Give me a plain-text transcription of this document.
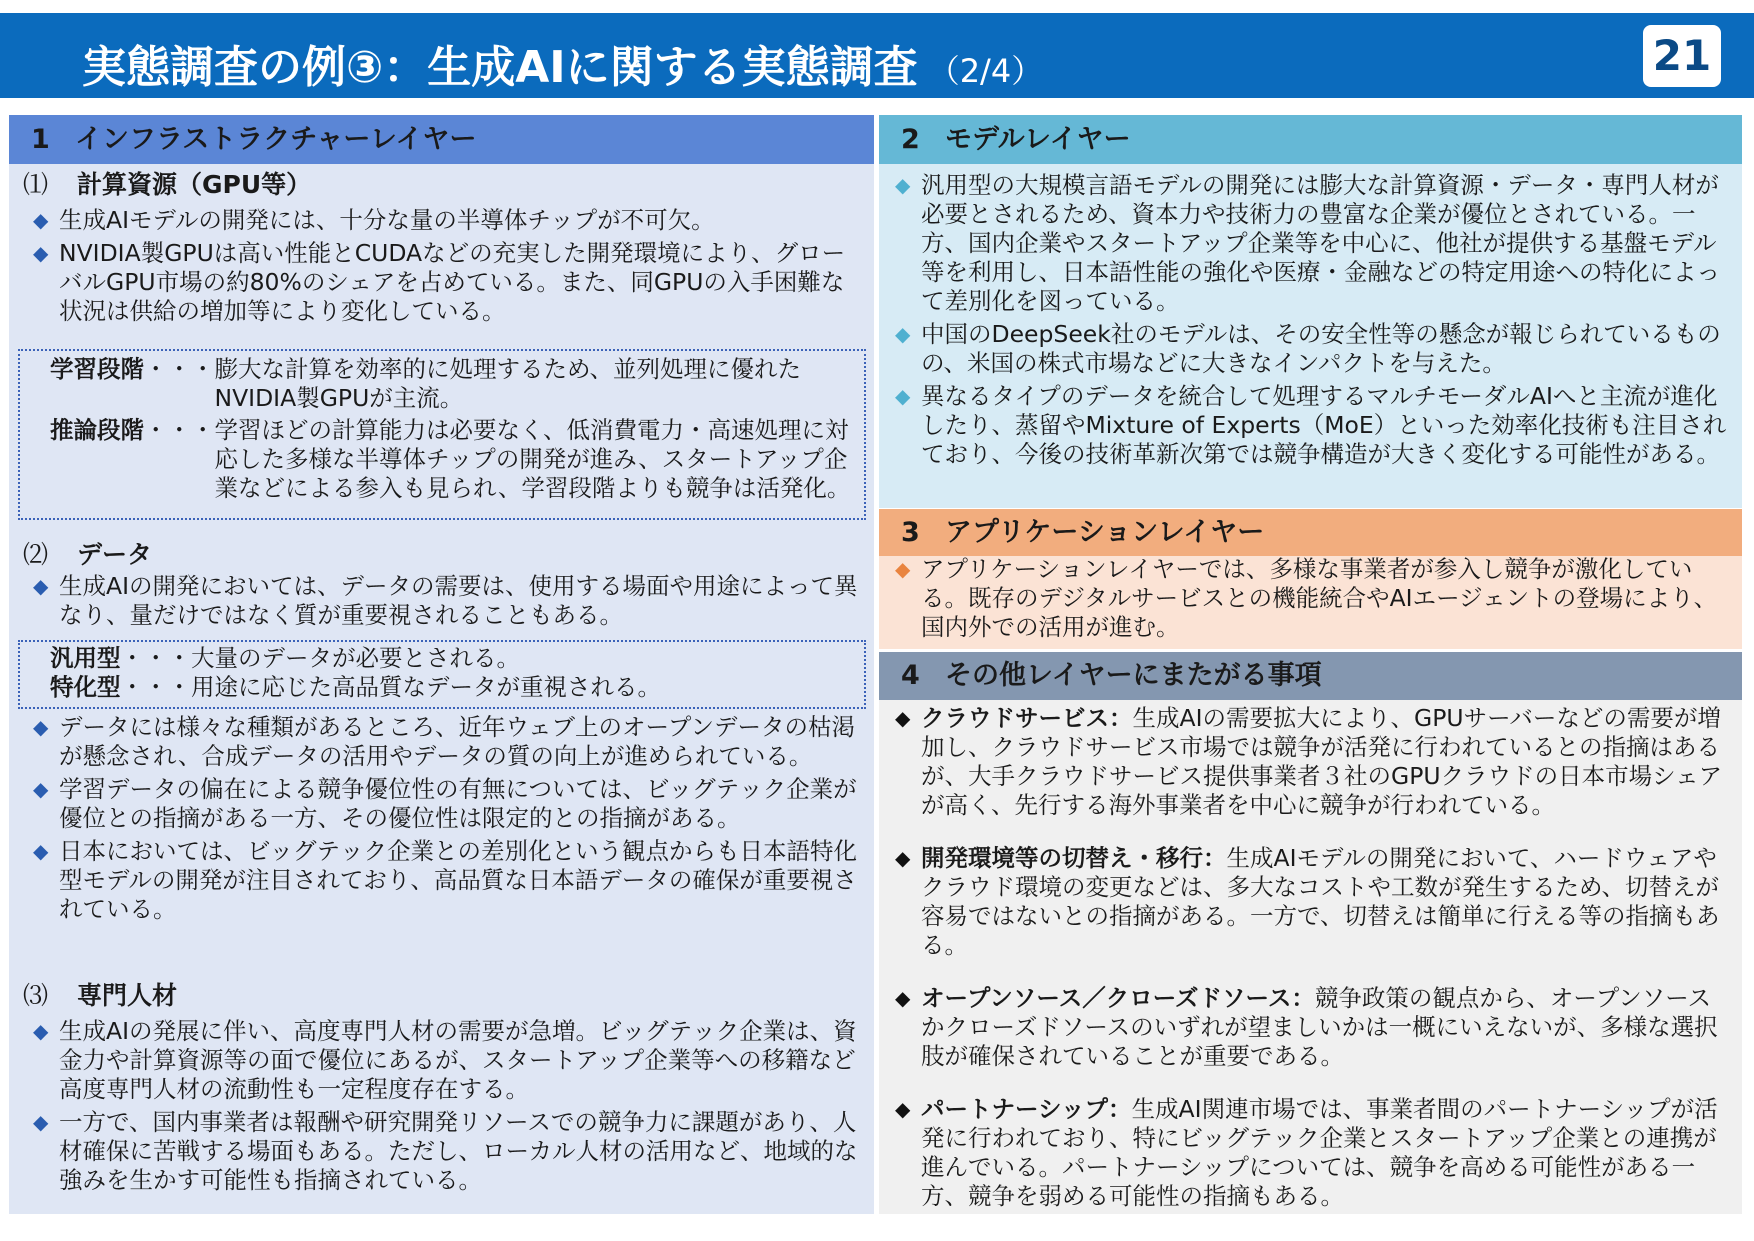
実態調査の例③：生成AIに関する実態調査 （2/4）	21
1 インフラストラクチャーレイヤー
⑴ 計算資源（GPU等）
◆ 生成AIモデルの開発には、十分な量の半導体チップが不可欠。
◆ NVIDIA製GPUは高い性能とCUDAなどの充実した開発環境により、グローバルGPU市場の約80%のシェアを占めている。また、同GPUの入手困難な状況は供給の増加等により変化している。
学習段階 ・・・ 膨大な計算を効率的に処理するため、並列処理に優れたNVIDIA製GPUが主流。
推論段階 ・・・ 学習ほどの計算能力は必要なく、低消費電力・高速処理に対応した多様な半導体チップの開発が進み、スタートアップ企業などによる参入も見られ、学習段階よりも競争は活発化。
⑵ データ
◆ 生成AIの開発においては、データの需要は、使用する場面や用途によって異なり、量だけではなく質が重要視されることもある。
汎用型 ・・・ 大量のデータが必要とされる。
特化型 ・・・ 用途に応じた高品質なデータが重視される。
◆ データには様々な種類があるところ、近年ウェブ上のオープンデータの枯渇が懸念され、合成データの活用やデータの質の向上が進められている。
◆ 学習データの偏在による競争優位性の有無については、ビッグテック企業が優位との指摘がある一方、その優位性は限定的との指摘がある。
◆ 日本においては、ビッグテック企業との差別化という観点からも日本語特化型モデルの開発が注目されており、高品質な日本語データの確保が重要視されている。
⑶ 専門人材
◆ 生成AIの発展に伴い、高度専門人材の需要が急増。ビッグテック企業は、資金力や計算資源等の面で優位にあるが、スタートアップ企業等への移籍など高度専門人材の流動性も一定程度存在する。
◆ 一方で、国内事業者は報酬や研究開発リソースでの競争力に課題があり、人材確保に苦戦する場面もある。ただし、ローカル人材の活用など、地域的な強みを生かす可能性も指摘されている。
2 モデルレイヤー
◆ 汎用型の大規模言語モデルの開発には膨大な計算資源・データ・専門人材が必要とされるため、資本力や技術力の豊富な企業が優位とされている。一方、国内企業やスタートアップ企業等を中心に、他社が提供する基盤モデル等を利用し、日本語性能の強化や医療・金融などの特定用途への特化によって差別化を図っている。
◆ 中国のDeepSeek社のモデルは、その安全性等の懸念が報じられているものの、米国の株式市場などに大きなインパクトを与えた。
◆ 異なるタイプのデータを統合して処理するマルチモーダルAIへと主流が進化したり、蒸留やMixture of Experts（MoE）といった効率化技術も注目されており、今後の技術革新次第では競争構造が大きく変化する可能性がある。
3 アプリケーションレイヤー
◆ アプリケーションレイヤーでは、多様な事業者が参入し競争が激化している。既存のデジタルサービスとの機能統合やAIエージェントの登場により、国内外での活用が進む。
4 その他レイヤーにまたがる事項
◆ クラウドサービス：生成AIの需要拡大により、GPUサーバーなどの需要が増加し、クラウドサービス市場では競争が活発に行われているとの指摘はあるが、大手クラウドサービス提供事業者３社のGPUクラウドの日本市場シェアが高く、先行する海外事業者を中心に競争が行われている。
◆ 開発環境等の切替え・移行：生成AIモデルの開発において、ハードウェアやクラウド環境の変更などは、多大なコストや工数が発生するため、切替えが容易ではないとの指摘がある。一方で、切替えは簡単に行える等の指摘もある。
◆ オープンソース／クローズドソース：競争政策の観点から、オープンソースかクローズドソースのいずれが望ましいかは一概にいえないが、多様な選択肢が確保されていることが重要である。
◆ パートナーシップ：生成AI関連市場では、事業者間のパートナーシップが活発に行われており、特にビッグテック企業とスタートアップ企業との連携が進んでいる。パートナーシップについては、競争を高める可能性がある一方、競争を弱める可能性の指摘もある。
